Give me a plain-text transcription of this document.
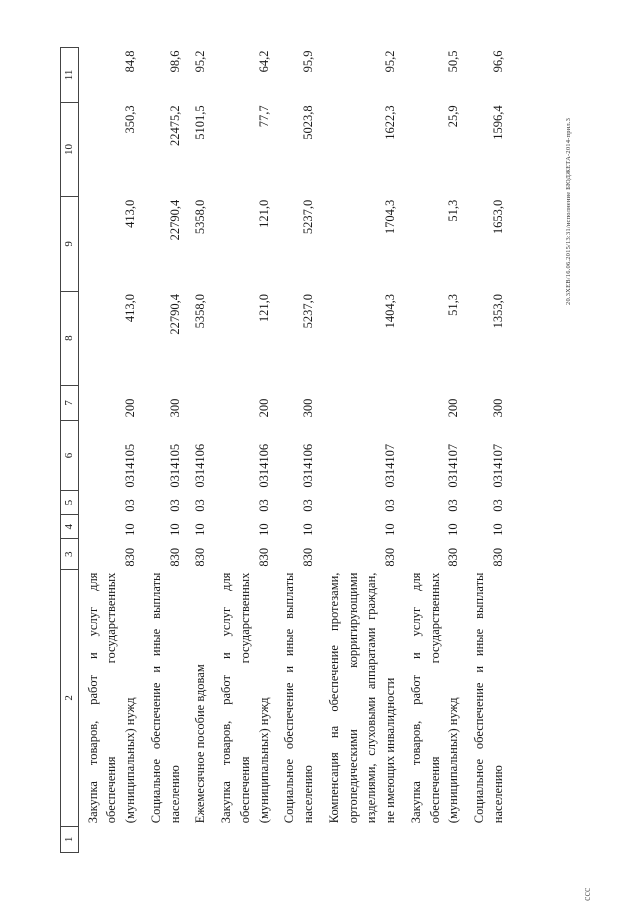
1	2	3	4	5	6	7	8	9	10	11
	Закупка товаров, работ и услуг для обеспечения государственных (муниципальных) нужд	830	10	03	0314105	200	413,0	413,0	350,3	84,8
	Социальное обеспечение и иные выплаты населению	830	10	03	0314105	300	22790,4	22790,4	22475,2	98,6
	Ежемесячное пособие вдовам	830	10	03	0314106		5358,0	5358,0	5101,5	95,2
	Закупка товаров, работ и услуг для обеспечения государственных (муниципальных) нужд	830	10	03	0314106	200	121,0	121,0	77,7	64,2
	Социальное обеспечение и иные выплаты населению	830	10	03	0314106	300	5237,0	5237,0	5023,8	95,9
	Компенсация на обеспечение протезами, ортопедическими корригирующими изделиями, слуховыми аппаратами граждан, не имеющих инвалидности	830	10	03	0314107		1404,3	1704,3	1622,3	95,2
	Закупка товаров, работ и услуг для обеспечения государственных (муниципальных) нужд	830	10	03	0314107	200	51,3	51,3	25,9	50,5
	Социальное обеспечение и иные выплаты населению	830	10	03	0314107	300	1353,0	1653,0	1596,4	96,6
20.3XEB/16.06.2015/13:31/исполнение БЮДЖЕТА-2014-прил.3
ссс
